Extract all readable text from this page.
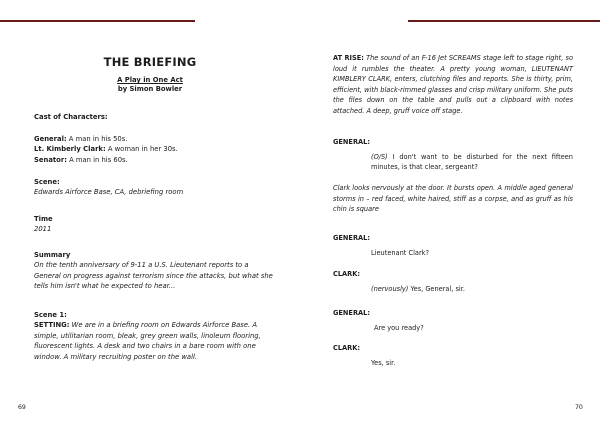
THE BRIEFING
A Play in One Act
by Simon Bowler
Cast of Characters:
General: A man in his 50s.
Lt. Kimberly Clark: A woman in her 30s.
Senator: A man in his 60s.
Scene:
Edwards Airforce Base, CA, debriefing room
Time
2011
Summary
On the tenth anniversary of 9-11 a U.S. Lieutenant reports to a General on progress against terrorism since the attacks, but what she tells him isn't what he expected to hear...
Scene 1:
SETTING: We are in a briefing room on Edwards Airforce Base. A simple, utilitarian room, bleak, grey green walls, linoleum flooring, fluorescent lights. A desk and two chairs in a bare room with one window. A military recruiting poster on the wall.
69
AT RISE: The sound of an F-16 Jet SCREAMS stage left to stage right, so loud it rumbles the theater. A pretty young woman, LIEUTENANT KIMBLERY CLARK, enters, clutching files and reports. She is thirty, prim, efficient, with black-rimmed glasses and crisp military uniform. She puts the files down on the table and pulls out a clipboard with notes attached. A deep, gruff voice off stage.
GENERAL:
(O/S) I don't want to be disturbed for the next fifteen minutes, is that clear, sergeant?
Clark looks nervously at the door. It bursts open. A middle aged general storms in – red faced, white haired, stiff as a corpse, and as gruff as his chin is square
GENERAL:
Lieutenant Clark?
CLARK:
(nervously) Yes, General, sir.
GENERAL:
Are you ready?
CLARK:
Yes, sir.
70
